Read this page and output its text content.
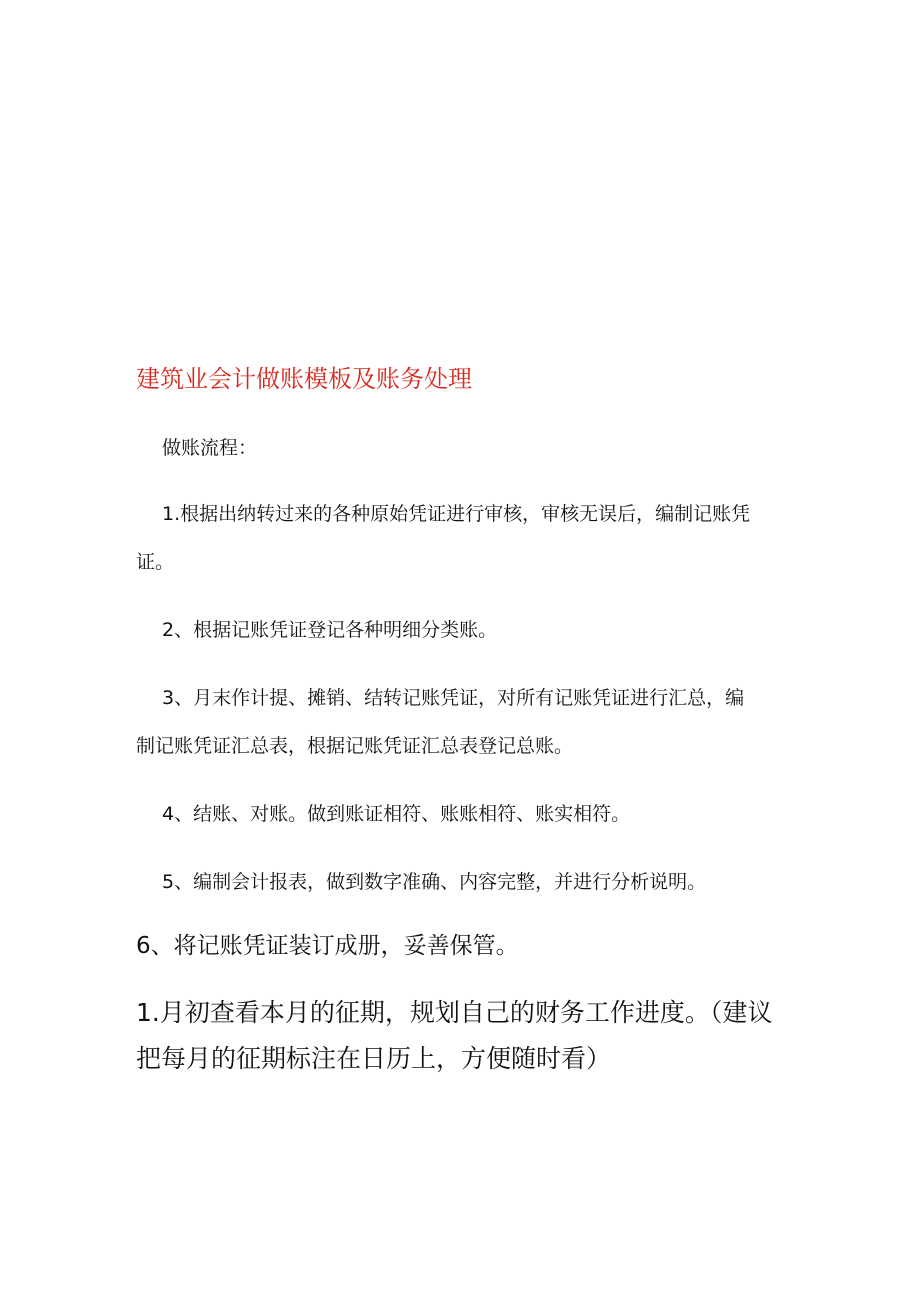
建筑业会计做账模板及账务处理
做账流程：
1.根据出纳转过来的各种原始凭证进行审核，审核无误后，编制记账凭
证。
2、根据记账凭证登记各种明细分类账。
3、月末作计提、摊销、结转记账凭证，对所有记账凭证进行汇总，编
制记账凭证汇总表，根据记账凭证汇总表登记总账。
4、结账、对账。做到账证相符、账账相符、账实相符。
5、编制会计报表，做到数字准确、内容完整，并进行分析说明。
6、将记账凭证装订成册，妥善保管。
1.月初查看本月的征期，规划自己的财务工作进度。（建议
把每月的征期标注在日历上，方便随时看）
